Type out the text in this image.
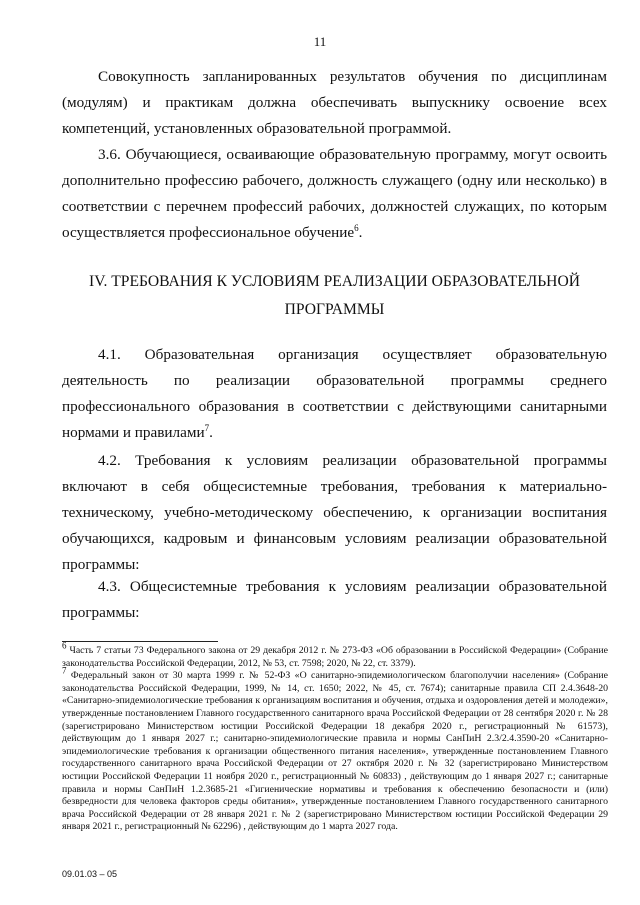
11

Совокупность запланированных результатов обучения по дисциплинам (модулям) и практикам должна обеспечивать выпускнику освоение всех компетенций, установленных образовательной программой.

3.6. Обучающиеся, осваивающие образовательную программу, могут освоить дополнительно профессию рабочего, должность служащего (одну или несколько) в соответствии с перечнем профессий рабочих, должностей служащих, по которым осуществляется профессиональное обучение$^6$.

IV. ТРЕБОВАНИЯ К УСЛОВИЯМ РЕАЛИЗАЦИИ ОБРАЗОВАТЕЛЬНОЙ
ПРОГРАММЫ

4.1. Образовательная организация осуществляет образовательную деятельность по реализации образовательной программы среднего профессионального образования в соответствии с действующими санитарными нормами и правилами$^7$.

4.2. Требования к условиям реализации образовательной программы включают в себя общесистемные требования, требования к материально-техническому, учебно-методическому обеспечению, к организации воспитания обучающихся, кадровым и финансовым условиям реализации образовательной программы:

4.3. Общесистемные требования к условиям реализации образовательной программы:

$^6$ Часть 7 статьи 73 Федерального закона от 29 декабря 2012 г. № 273-ФЗ «Об образовании в Российской Федерации» (Собрание законодательства Российской Федерации, 2012, № 53, ст. 7598; 2020, № 22, ст. 3379).

$^7$ Федеральный закон от 30 марта 1999 г. № 52-ФЗ «О санитарно-эпидемиологическом благополучии населения» (Собрание законодательства Российской Федерации, 1999, № 14, ст. 1650; 2022, № 45, ст. 7674); санитарные правила СП 2.4.3648-20 «Санитарно-эпидемиологические требования к организациям воспитания и обучения, отдыха и оздоровления детей и молодежи», утвержденные постановлением Главного государственного санитарного врача Российской Федерации от 28 сентября 2020 г. № 28 (зарегистрировано Министерством юстиции Российской Федерации 18 декабря 2020 г., регистрационный № 61573), действующим до 1 января 2027 г.; санитарно-эпидемиологические правила и нормы СанПиН 2.3/2.4.3590-20 «Санитарно-эпидемиологические требования к организации общественного питания населения», утвержденные постановлением Главного государственного санитарного врача Российской Федерации от 27 октября 2020 г. № 32 (зарегистрировано Министерством юстиции Российской Федерации 11 ноября 2020 г., регистрационный № 60833) , действующим до 1 января 2027 г.; санитарные правила и нормы СанПиН 1.2.3685-21 «Гигиенические нормативы и требования к обеспечению безопасности и (или) безвредности для человека факторов среды обитания», утвержденные постановлением Главного государственного санитарного врача Российской Федерации от 28 января 2021 г. № 2 (зарегистрировано Министерством юстиции Российской Федерации 29 января 2021 г., регистрационный № 62296) , действующим до 1 марта 2027 года.

09.01.03 – 05
